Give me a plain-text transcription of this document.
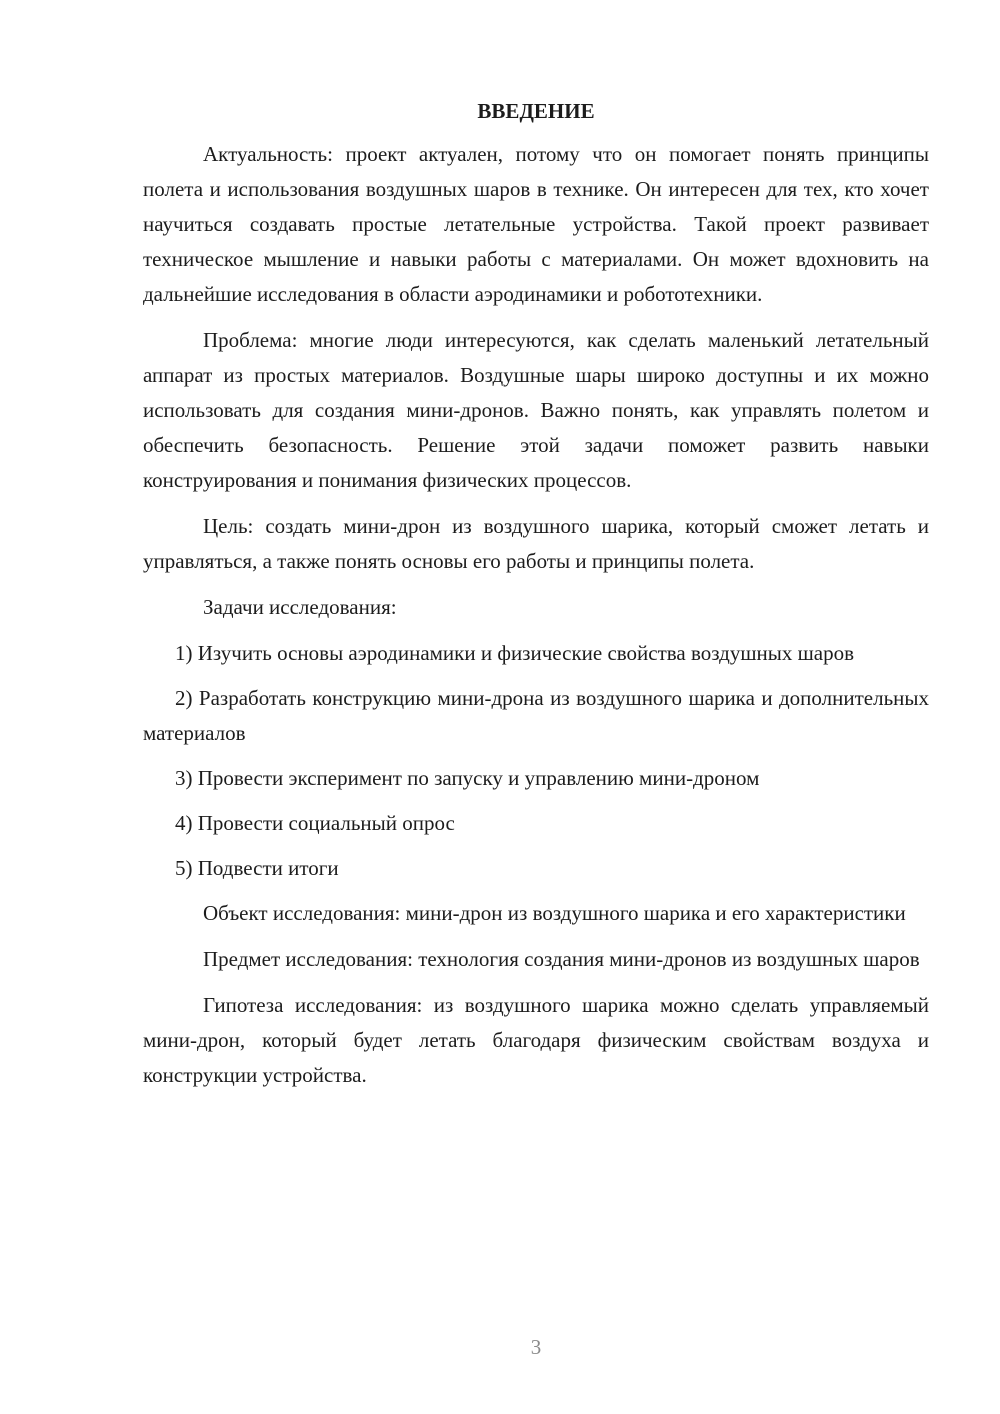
ВВЕДЕНИЕ

Актуальность: проект актуален, потому что он помогает понять принципы полета и использования воздушных шаров в технике. Он интересен для тех, кто хочет научиться создавать простые летательные устройства. Такой проект развивает техническое мышление и навыки работы с материалами. Он может вдохновить на дальнейшие исследования в области аэродинамики и робототехники.

Проблема: многие люди интересуются, как сделать маленький летательный аппарат из простых материалов. Воздушные шары широко доступны и их можно использовать для создания мини-дронов. Важно понять, как управлять полетом и обеспечить безопасность. Решение этой задачи поможет развить навыки конструирования и понимания физических процессов.

Цель: создать мини-дрон из воздушного шарика, который сможет летать и управляться, а также понять основы его работы и принципы полета.

Задачи исследования:

1) Изучить основы аэродинамики и физические свойства воздушных шаров

2) Разработать конструкцию мини-дрона из воздушного шарика и дополнительных материалов

3) Провести эксперимент по запуску и управлению мини-дроном

4) Провести социальный опрос

5) Подвести итоги

Объект исследования: мини-дрон из воздушного шарика и его характеристики

Предмет исследования: технология создания мини-дронов из воздушных шаров

Гипотеза исследования: из воздушного шарика можно сделать управляемый мини-дрон, который будет летать благодаря физическим свойствам воздуха и конструкции устройства.

3
